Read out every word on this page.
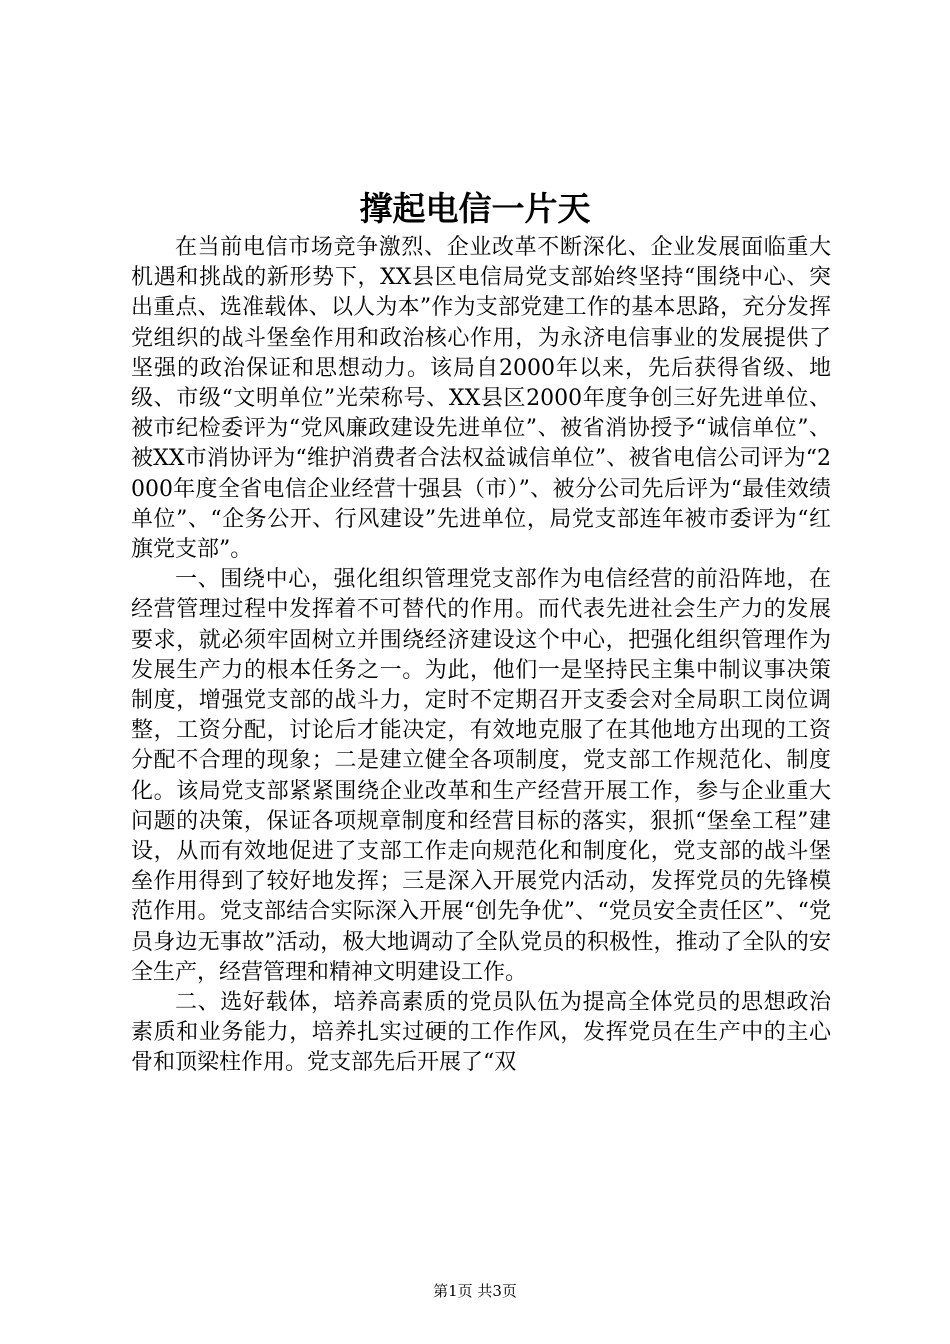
撑起电信一片天

在当前电信市场竞争激烈、企业改革不断深化、企业发展面临重大机遇和挑战的新形势下，XX县区电信局党支部始终坚持“围绕中心、突出重点、选准载体、以人为本”作为支部党建工作的基本思路，充分发挥党组织的战斗堡垒作用和政治核心作用，为永济电信事业的发展提供了坚强的政治保证和思想动力。该局自2000年以来，先后获得省级、地级、市级“文明单位”光荣称号、XX县区2000年度争创三好先进单位、被市纪检委评为“党风廉政建设先进单位”、被省消协授予“诚信单位”、被XX市消协评为“维护消费者合法权益诚信单位”、被省电信公司评为“2000年度全省电信企业经营十强县（市）”、被分公司先后评为“最佳效绩单位”、“企务公开、行风建设”先进单位，局党支部连年被市委评为“红旗党支部”。

一、围绕中心，强化组织管理党支部作为电信经营的前沿阵地，在经营管理过程中发挥着不可替代的作用。而代表先进社会生产力的发展要求，就必须牢固树立并围绕经济建设这个中心，把强化组织管理作为发展生产力的根本任务之一。为此，他们一是坚持民主集中制议事决策制度，增强党支部的战斗力，定时不定期召开支委会对全局职工岗位调整，工资分配，讨论后才能决定，有效地克服了在其他地方出现的工资分配不合理的现象；二是建立健全各项制度，党支部工作规范化、制度化。该局党支部紧紧围绕企业改革和生产经营开展工作，参与企业重大问题的决策，保证各项规章制度和经营目标的落实，狠抓“堡垒工程”建设，从而有效地促进了支部工作走向规范化和制度化，党支部的战斗堡垒作用得到了较好地发挥；三是深入开展党内活动，发挥党员的先锋模范作用。党支部结合实际深入开展“创先争优”、“党员安全责任区”、“党员身边无事故”活动，极大地调动了全队党员的积极性，推动了全队的安全生产，经营管理和精神文明建设工作。

二、选好载体，培养高素质的党员队伍为提高全体党员的思想政治素质和业务能力，培养扎实过硬的工作作风，发挥党员在生产中的主心骨和顶梁柱作用。党支部先后开展了“双

第1页 共3页
